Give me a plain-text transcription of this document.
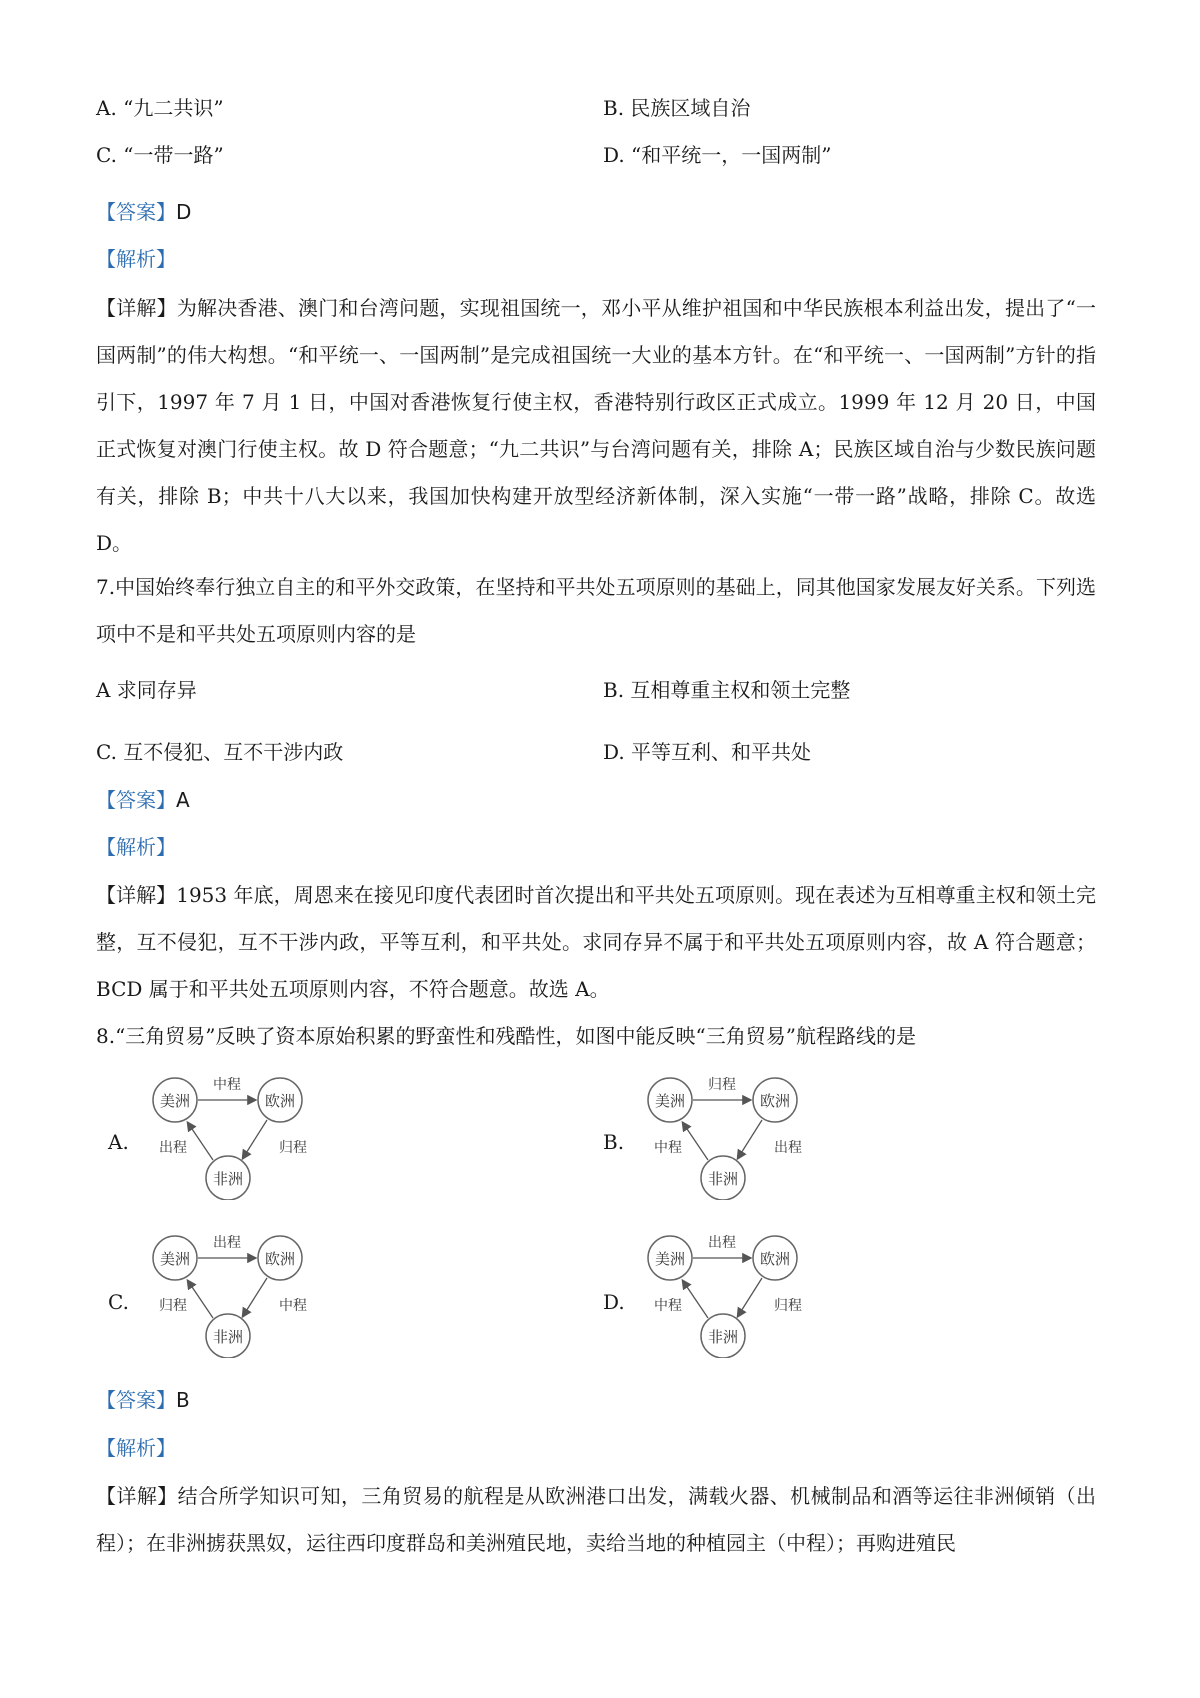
A. “九二共识”	B. 民族区域自治
C. “一带一路”	D. “和平统一，一国两制”
【答案】D
【解析】
【详解】为解决香港、澳门和台湾问题，实现祖国统一，邓小平从维护祖国和中华民族根本利益出发，提出了“一国两制”的伟大构想。“和平统一、一国两制”是完成祖国统一大业的基本方针。在“和平统一、一国两制”方针的指引下，1997 年 7 月 1 日，中国对香港恢复行使主权，香港特别行政区正式成立。1999 年 12 月 20 日，中国正式恢复对澳门行使主权。故 D 符合题意；“九二共识”与台湾问题有关，排除 A；民族区域自治与少数民族问题有关，排除 B；中共十八大以来，我国加快构建开放型经济新体制，深入实施“一带一路”战略，排除 C。故选 D。
7.中国始终奉行独立自主的和平外交政策，在坚持和平共处五项原则的基础上，同其他国家发展友好关系。下列选项中不是和平共处五项原则内容的是
A 求同存异	B. 互相尊重主权和领土完整
C. 互不侵犯、互不干涉内政	D. 平等互利、和平共处
【答案】A
【解析】
【详解】1953 年底，周恩来在接见印度代表团时首次提出和平共处五项原则。现在表述为互相尊重主权和领土完整，互不侵犯，互不干涉内政，平等互利，和平共处。求同存异不属于和平共处五项原则内容，故 A 符合题意；BCD 属于和平共处五项原则内容，不符合题意。故选 A。
8.“三角贸易”反映了资本原始积累的野蛮性和残酷性，如图中能反映“三角贸易”航程路线的是
A.
美洲	欧洲
非洲
中程
归程
出程	B.
美洲	欧洲
非洲
归程
出程
中程
C.
美洲	欧洲
非洲
出程
中程
归程	D.
美洲	欧洲
非洲
出程
归程
中程
【答案】B
【解析】
【详解】结合所学知识可知，三角贸易的航程是从欧洲港口出发，满载火器、机械制品和酒等运往非洲倾销（出程）；在非洲掳获黑奴，运往西印度群岛和美洲殖民地，卖给当地的种植园主（中程）；再购进殖民
